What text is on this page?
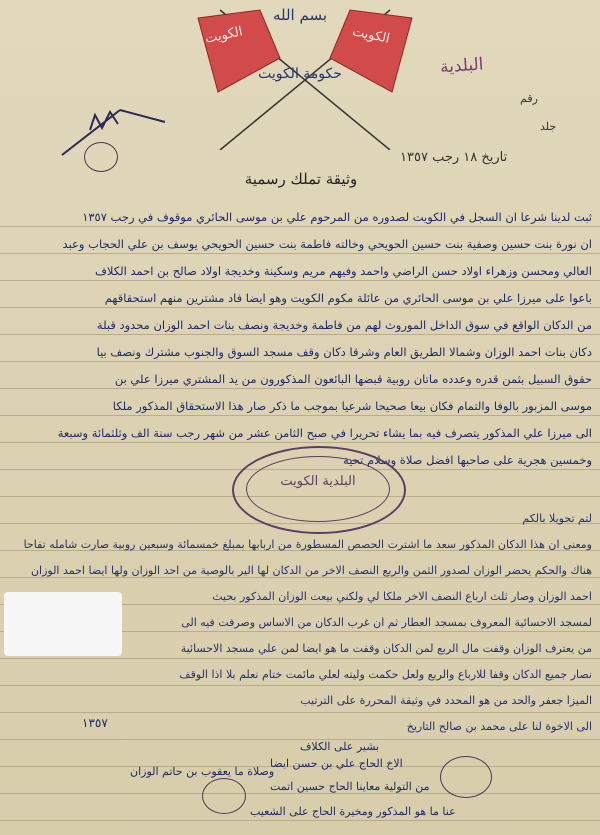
الكويت	الكويت
بسم الله
حكومة الكويت	البلدية
رقم
جلد
تاريخ ١٨ رجب ١٣٥٧
وثيقة تملك رسمية
ثبت لدينا شرعا ان السجل في الكويت لصدوره من المرحوم علي بن موسى الحائري موقوف في رجب ١٣٥٧
ان نورة بنت حسين وصفية بنت حسين الحويحي وخالته فاطمة بنت حسين الحويحي يوسف بن علي الحجاب وعبد
العالي ومحسن وزهراء اولاد حسن الراضي واحمد وفيهم مريم وسكينة وخديجة اولاد صالح بن احمد الكلاف
باعوا على ميرزا علي بن موسى الحائري من عائلة مكوم الكويت وهو ايضا فاد مشترين منهم استحقاقهم
من الدكان الواقع في سوق الداخل الموروث لهم من فاطمة وخديجة ونصف بنات احمد الوزان محدود قبلة
دكان بنات احمد الوزان وشمالا الطريق العام وشرقا دكان وقف مسجد السوق والجنوب مشترك ونصف بيا
حقوق السبيل بثمن قدره وعدده ماتان روبية قبضها البائعون المذكورون من يد المشتري ميرزا علي بن
موسى المزبور بالوفا والتمام فكان بيعا صحيحا شرعيا بموجب ما ذكر صار هذا الاستحقاق المذكور ملكا
الى ميرزا علي المذكور يتصرف فيه بما يشاء تحريرا في صبح الثامن عشر من شهر رجب سنة الف وثلثمائة وسبعة
وخمسين هجرية على صاحبها افضل صلاة وسلام تحية
البلدية الكويت
لتم تحويلا بالكم
ومعنى ان هذا الدكان المذكور سعد ما اشترت الحصص المسطورة من اربابها بمبلغ خمسمائة وسبعين روبية صارت شامله تفاحا
هناك والحكم يحضر الوزان لصدور الثمن والربع النصف الاخر من الدكان لها الير بالوصية من احد الوزان ولها ايضا احمد الوزان
احمد الوزان وصار ثلث ارباع النصف الاخر ملكا لي ولكني بيعت الوزان المذكور بحيث
لمسجد الاحسائية المعروف بمسجد العطار ثم ان غرب الدكان من الاساس وصرفت فيه الى
من يعترف الوزان وقفت مال الربع لمن الدكان وقفت ما هو ايضا لمن علي مسجد الاحسائية
نصار جميع الدكان وقفا للارباع والربع ولعل حكمت وليته لعلي مائمت ختام نعلم بلا اذا الوقف
الميزا جعفر والحد من هو المحدد في وثيقة المحررة على الترتيب
الى الاخوة لنا على محمد بن صالح التاريخ
١٣٥٧
بشير على الكلاف
الاخ الحاج علي بن حسن ايضا
وصلاة ما يعقوب بن حاتم الوزان
من التولية معاينا الحاج حسين اتمت
عنا ما هو المذكور ومخيرة الحاج على الشعيب
